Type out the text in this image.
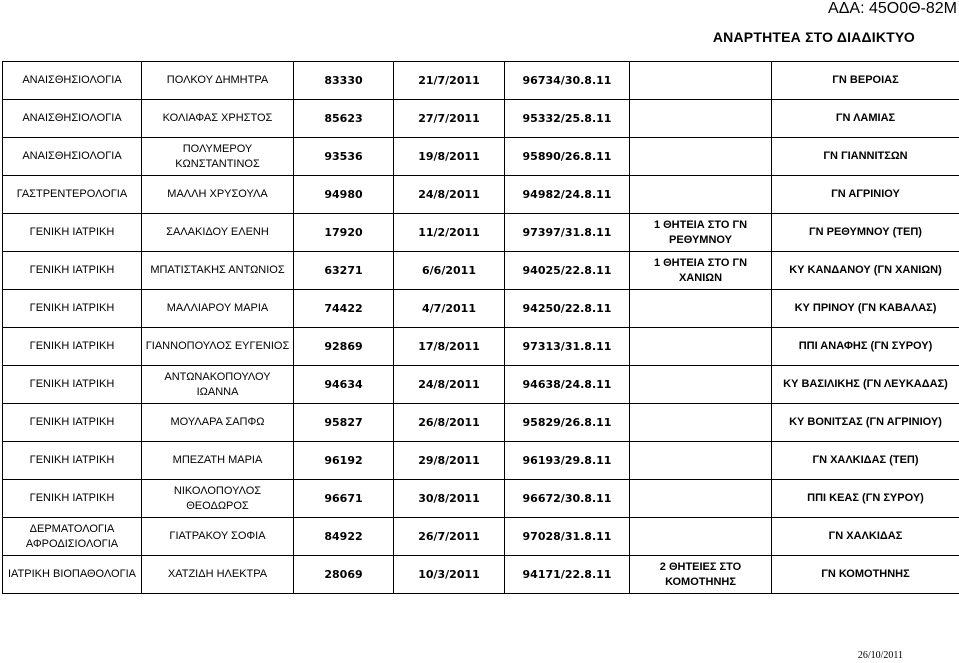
ΑΔΑ: 45Ο0Θ-82Μ
ΑΝΑΡΤΗΤΕΑ ΣΤΟ ΔΙΑΔΙΚΤΥΟ
ΑΝΑΙΣΘΗΣΙΟΛΟΓΙΑ	ΠΟΛΚΟΥ ΔΗΜΗΤΡΑ	83330	21/7/2011	96734/30.8.11		ΓΝ ΒΕΡΟΙΑΣ
ΑΝΑΙΣΘΗΣΙΟΛΟΓΙΑ	ΚΟΛΙΑΦΑΣ ΧΡΗΣΤΟΣ	85623	27/7/2011	95332/25.8.11		ΓΝ ΛΑΜΙΑΣ
ΑΝΑΙΣΘΗΣΙΟΛΟΓΙΑ	ΠΟΛΥΜΕΡΟΥ ΚΩΝΣΤΑΝΤΙΝΟΣ	93536	19/8/2011	95890/26.8.11		ΓΝ ΓΙΑΝΝΙΤΣΩΝ
ΓΑΣΤΡΕΝΤΕΡΟΛΟΓΙΑ	ΜΑΛΛΗ ΧΡΥΣΟΥΛΑ	94980	24/8/2011	94982/24.8.11		ΓΝ ΑΓΡΙΝΙΟΥ
ΓΕΝΙΚΗ ΙΑΤΡΙΚΗ	ΣΑΛΑΚΙΔΟΥ ΕΛΕΝΗ	17920	11/2/2011	97397/31.8.11	1 ΘΗΤΕΙΑ ΣΤΟ ΓΝ ΡΕΘΥΜΝΟΥ	ΓΝ ΡΕΘΥΜΝΟΥ (ΤΕΠ)
ΓΕΝΙΚΗ ΙΑΤΡΙΚΗ	ΜΠΑΤΙΣΤΑΚΗΣ ΑΝΤΩΝΙΟΣ	63271	6/6/2011	94025/22.8.11	1 ΘΗΤΕΙΑ ΣΤΟ ΓΝ ΧΑΝΙΩΝ	ΚΥ ΚΑΝΔΑΝΟΥ (ΓΝ ΧΑΝΙΩΝ)
ΓΕΝΙΚΗ ΙΑΤΡΙΚΗ	ΜΑΛΛΙΑΡΟΥ ΜΑΡΙΑ	74422	4/7/2011	94250/22.8.11		ΚΥ ΠΡΙΝΟΥ (ΓΝ ΚΑΒΑΛΑΣ)
ΓΕΝΙΚΗ ΙΑΤΡΙΚΗ	ΓΙΑΝΝΟΠΟΥΛΟΣ ΕΥΓΕΝΙΟΣ	92869	17/8/2011	97313/31.8.11		ΠΠΙ ΑΝΑΦΗΣ (ΓΝ ΣΥΡΟΥ)
ΓΕΝΙΚΗ ΙΑΤΡΙΚΗ	ΑΝΤΩΝΑΚΟΠΟΥΛΟΥ ΙΩΑΝΝΑ	94634	24/8/2011	94638/24.8.11		ΚΥ ΒΑΣΙΛΙΚΗΣ (ΓΝ ΛΕΥΚΑΔΑΣ)
ΓΕΝΙΚΗ ΙΑΤΡΙΚΗ	ΜΟΥΛΑΡΑ ΣΑΠΦΩ	95827	26/8/2011	95829/26.8.11		ΚΥ ΒΟΝΙΤΣΑΣ (ΓΝ ΑΓΡΙΝΙΟΥ)
ΓΕΝΙΚΗ ΙΑΤΡΙΚΗ	ΜΠΕΖΑΤΗ ΜΑΡΙΑ	96192	29/8/2011	96193/29.8.11		ΓΝ ΧΑΛΚΙΔΑΣ (ΤΕΠ)
ΓΕΝΙΚΗ ΙΑΤΡΙΚΗ	ΝΙΚΟΛΟΠΟΥΛΟΣ ΘΕΟΔΩΡΟΣ	96671	30/8/2011	96672/30.8.11		ΠΠΙ ΚΕΑΣ (ΓΝ ΣΥΡΟΥ)
ΔΕΡΜΑΤΟΛΟΓΙΑ ΑΦΡΟΔΙΣΙΟΛΟΓΙΑ	ΓΙΑΤΡΑΚΟΥ ΣΟΦΙΑ	84922	26/7/2011	97028/31.8.11		ΓΝ ΧΑΛΚΙΔΑΣ
ΙΑΤΡΙΚΗ ΒΙΟΠΑΘΟΛΟΓΙΑ	ΧΑΤΖΙΔΗ ΗΛΕΚΤΡΑ	28069	10/3/2011	94171/22.8.11	2 ΘΗΤΕΙΕΣ ΣΤΟ ΚΟΜΟΤΗΝΗΣ	ΓΝ ΚΟΜΟΤΗΝΗΣ
26/10/2011
